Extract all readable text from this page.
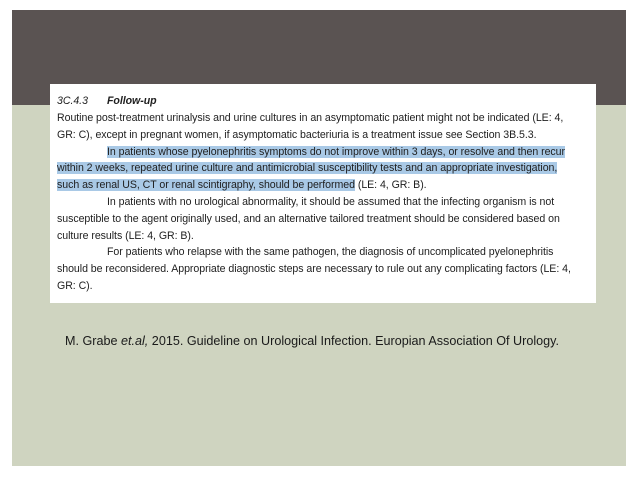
3C.4.3 Follow-up
Routine post-treatment urinalysis and urine cultures in an asymptomatic patient might not be indicated (LE: 4,
GR: C), except in pregnant women, if asymptomatic bacteriuria is a treatment issue see Section 3B.5.3.
In patients whose pyelonephritis symptoms do not improve within 3 days, or resolve and then recur
within 2 weeks, repeated urine culture and antimicrobial susceptibility tests and an appropriate investigation,
such as renal US, CT or renal scintigraphy, should be performed (LE: 4, GR: B).
In patients with no urological abnormality, it should be assumed that the infecting organism is not
susceptible to the agent originally used, and an alternative tailored treatment should be considered based on
culture results (LE: 4, GR: B).
For patients who relapse with the same pathogen, the diagnosis of uncomplicated pyelonephritis
should be reconsidered. Appropriate diagnostic steps are necessary to rule out any complicating factors (LE: 4,
GR: C).
M. Grabe et.al, 2015. Guideline on Urological Infection. Europian Association Of Urology.
